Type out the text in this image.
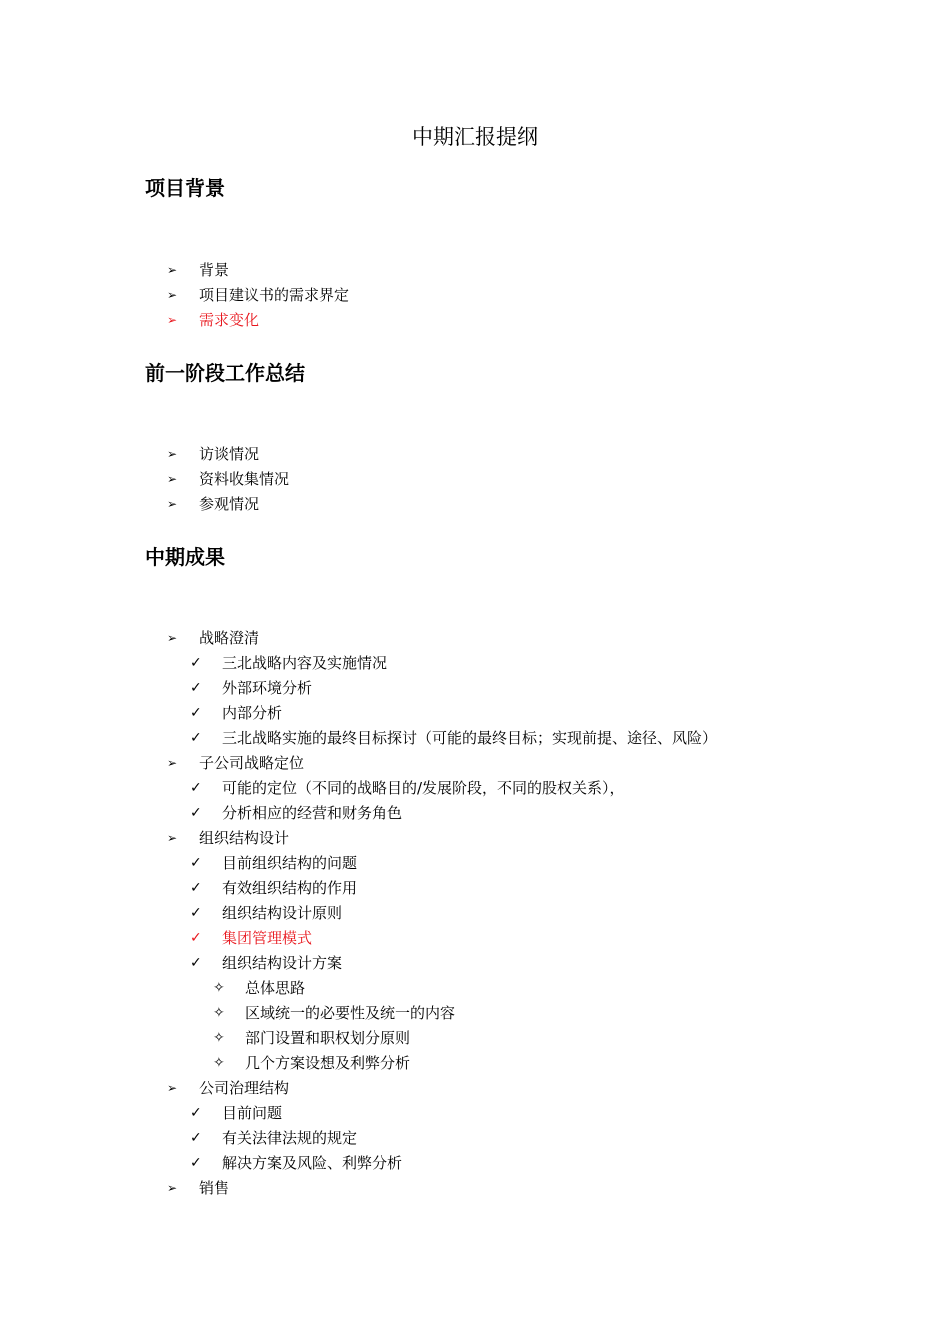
中期汇报提纲
项目背景
➢	背景
➢	项目建议书的需求界定
➢	需求变化
前一阶段工作总结
➢	访谈情况
➢	资料收集情况
➢	参观情况
中期成果
➢	战略澄清
✓	三北战略内容及实施情况
✓	外部环境分析
✓	内部分析
✓	三北战略实施的最终目标探讨（可能的最终目标；实现前提、途径、风险）
➢	子公司战略定位
✓	可能的定位（不同的战略目的/发展阶段，不同的股权关系），
✓	分析相应的经营和财务角色
➢	组织结构设计
✓	目前组织结构的问题
✓	有效组织结构的作用
✓	组织结构设计原则
✓	集团管理模式
✓	组织结构设计方案
✧	总体思路
✧	区域统一的必要性及统一的内容
✧	部门设置和职权划分原则
✧	几个方案设想及利弊分析
➢	公司治理结构
✓	目前问题
✓	有关法律法规的规定
✓	解决方案及风险、利弊分析
➢	销售
